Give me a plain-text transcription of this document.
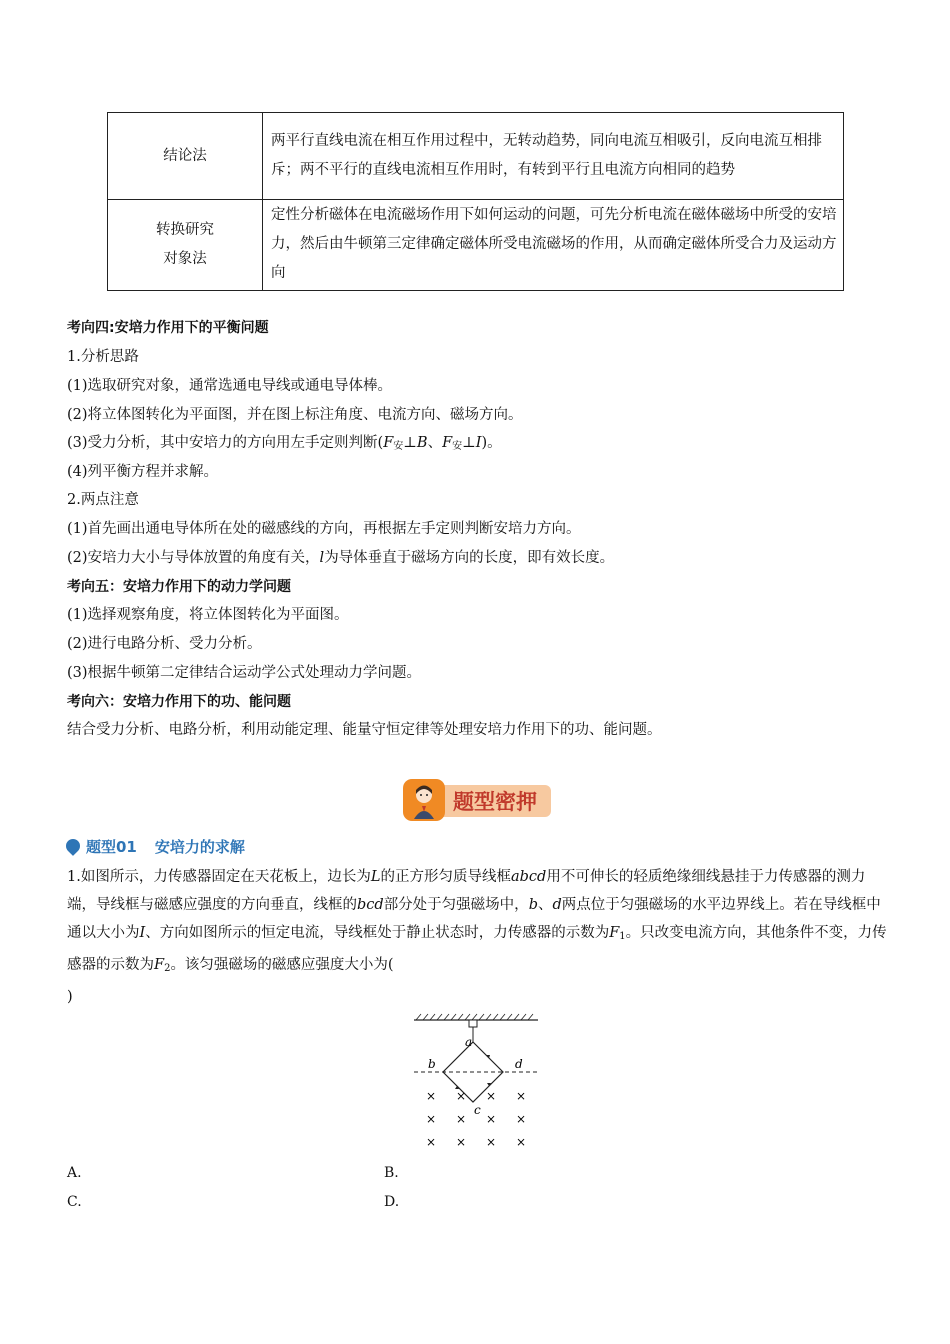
结论法	两平行直线电流在相互作用过程中，无转动趋势，同向电流互相吸引，反向电流互相排斥；两不平行的直线电流相互作用时，有转到平行且电流方向相同的趋势

转换研究
对象法	定性分析磁体在电流磁场作用下如何运动的问题，可先分析电流在磁体磁场中所受的安培力，然后由牛顿第三定律确定磁体所受电流磁场的作用，从而确定磁体所受合力及运动方向
考向四:安培力作用下的平衡问题
1.分析思路
(1)选取研究对象，通常选通电导线或通电导体棒。
(2)将立体图转化为平面图，并在图上标注角度、电流方向、磁场方向。
(3)受力分析，其中安培力的方向用左手定则判断($F_安\perp B$、$F_安\perp I$)。
(4)列平衡方程并求解。
2.两点注意
(1)首先画出通电导体所在处的磁感线的方向，再根据左手定则判断安培力方向。
(2)安培力大小与导体放置的角度有关，l为导体垂直于磁场方向的长度，即有效长度。
考向五：安培力作用下的动力学问题
(1)选择观察角度，将立体图转化为平面图。
(2)进行电路分析、受力分析。
(3)根据牛顿第二定律结合运动学公式处理动力学问题。
考向六：安培力作用下的功、能问题
结合受力分析、电路分析，利用动能定理、能量守恒定律等处理安培力作用下的功、能问题。
题型密押
题型01 安培力的求解
1.如图所示，力传感器固定在天花板上，边长为L的正方形匀质导线框abcd用不可伸长的轻质绝缘细线悬挂于力传感器的测力端，导线框与磁感应强度的方向垂直，线框的bcd部分处于匀强磁场中，b、d两点位于匀强磁场的水平边界线上。若在导线框中通以大小为I、方向如图所示的恒定电流，导线框处于静止状态时，力传感器的示数为$F_1$。只改变电流方向，其他条件不变，力传感器的示数为$F_2$。该匀强磁场的磁感应强度大小为(
)
a
b
c
d
× × × ×
× × × ×
× × × ×
A.	B.
C.	D.
